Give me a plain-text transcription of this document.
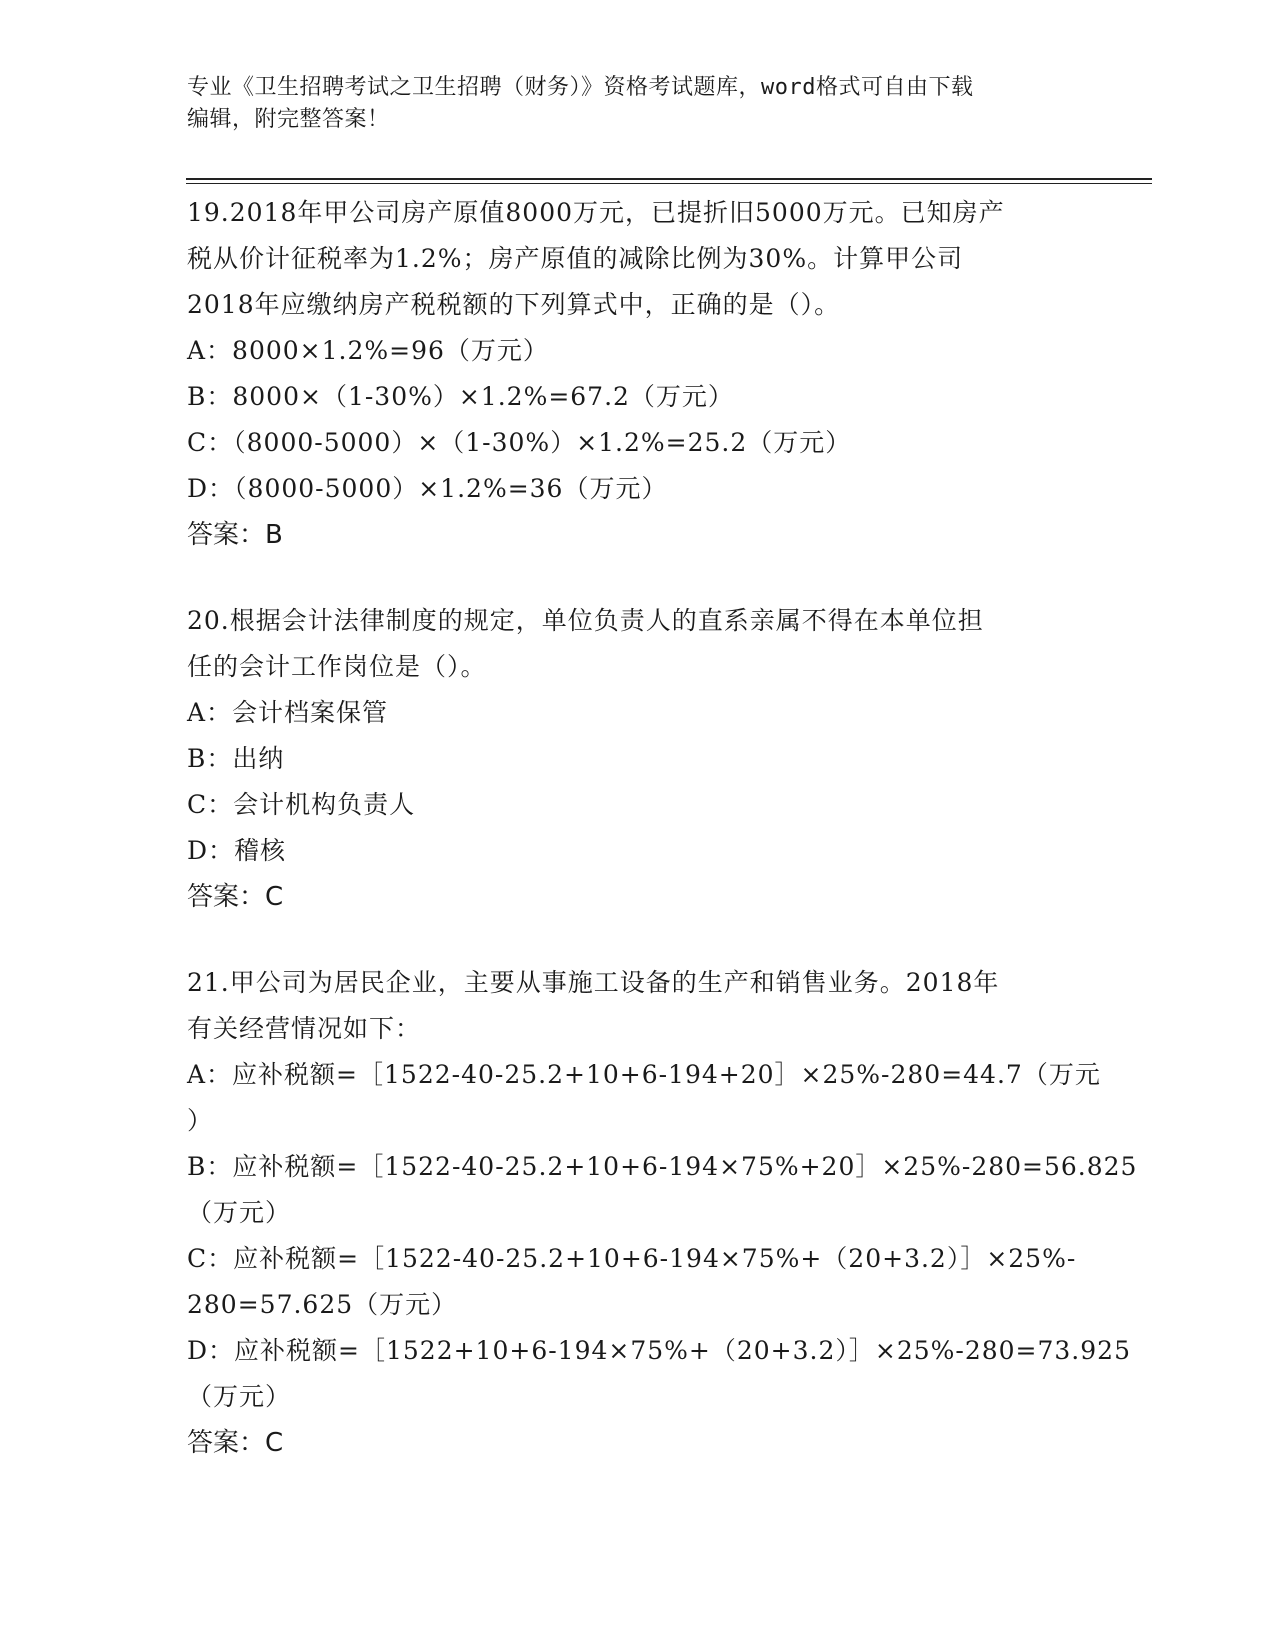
专业《卫生招聘考试之卫生招聘（财务）》资格考试题库，word格式可自由下载
编辑，附完整答案！
19.2018年甲公司房产原值8000万元，已提折旧5000万元。已知房产
税从价计征税率为1.2%；房产原值的减除比例为30%。计算甲公司
2018年应缴纳房产税税额的下列算式中，正确的是（）。
A：8000×1.2%=96（万元）
B：8000×（1-30%）×1.2%=67.2（万元）
C：（8000-5000）×（1-30%）×1.2%=25.2（万元）
D：（8000-5000）×1.2%=36（万元）
答案：B
20.根据会计法律制度的规定，单位负责人的直系亲属不得在本单位担
任的会计工作岗位是（）。
A：会计档案保管
B：出纳
C：会计机构负责人
D：稽核
答案：C
21.甲公司为居民企业，主要从事施工设备的生产和销售业务。2018年
有关经营情况如下：
A：应补税额=［1522-40-25.2+10+6-194+20］×25%-280=44.7（万元
）
B：应补税额=［1522-40-25.2+10+6-194×75%+20］×25%-280=56.825
（万元）
C：应补税额=［1522-40-25.2+10+6-194×75%+（20+3.2）］×25%-
280=57.625（万元）
D：应补税额=［1522+10+6-194×75%+（20+3.2）］×25%-280=73.925
（万元）
答案：C
